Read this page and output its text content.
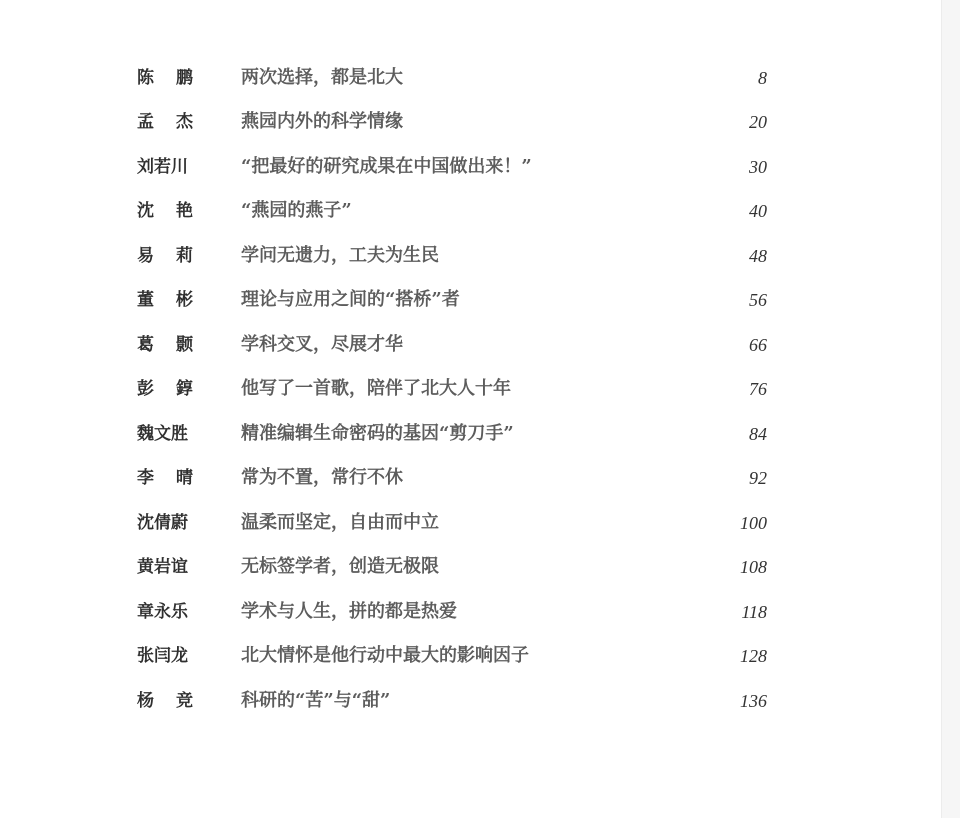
陈鹏 两次选择，都是北大	8
孟杰 燕园内外的科学情缘	20
刘若川	“把最好的研究成果在中国做出来！”	30
沈艳 “燕园的燕子”	40
易莉 学问无遗力，工夫为生民	48
董彬 理论与应用之间的“搭桥”者	56
葛颢 学科交叉，尽展才华	66
彭錞 他写了一首歌，陪伴了北大人十年	76
魏文胜	精准编辑生命密码的基因“剪刀手”	84
李晴 常为不置，常行不休	92
沈倩蔚	温柔而坚定，自由而中立	100
黄岩谊	无标签学者，创造无极限	108
章永乐	学术与人生，拼的都是热爱	118
张闫龙	北大情怀是他行动中最大的影响因子	128
杨竞 科研的“苦”与“甜”	136
